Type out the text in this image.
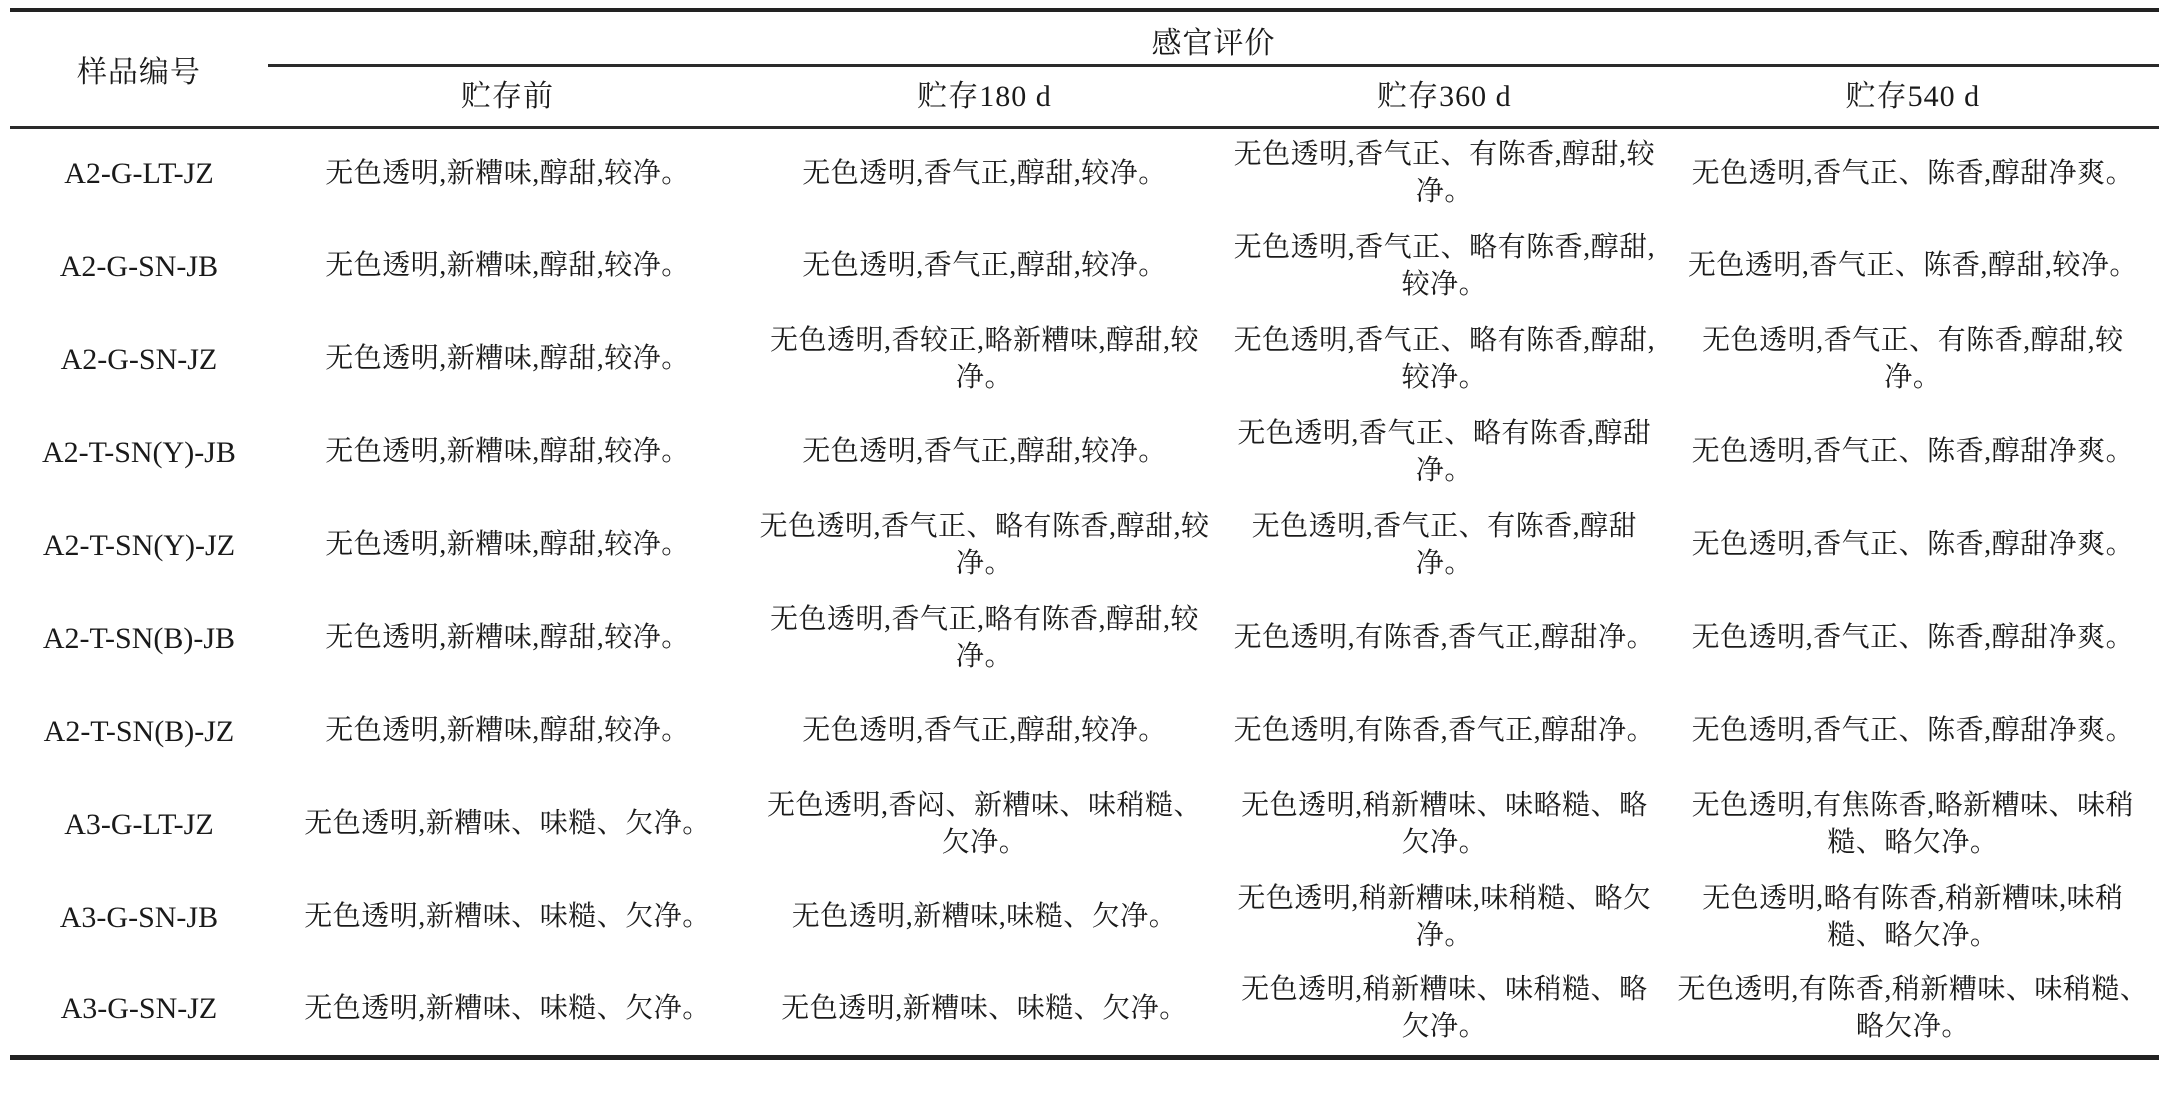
样品编号	感官评价			
	贮存前	贮存180 d	贮存360 d	贮存540 d
A2-G-LT-JZ	无色透明,新糟味,醇甜,较净。	无色透明,香气正,醇甜,较净。	无色透明,香气正、有陈香,醇甜,较净。	无色透明,香气正、陈香,醇甜净爽。
A2-G-SN-JB	无色透明,新糟味,醇甜,较净。	无色透明,香气正,醇甜,较净。	无色透明,香气正、略有陈香,醇甜,较净。	无色透明,香气正、陈香,醇甜,较净。
A2-G-SN-JZ	无色透明,新糟味,醇甜,较净。	无色透明,香较正,略新糟味,醇甜,较净。	无色透明,香气正、略有陈香,醇甜,较净。	无色透明,香气正、有陈香,醇甜,较净。
A2-T-SN(Y)-JB	无色透明,新糟味,醇甜,较净。	无色透明,香气正,醇甜,较净。	无色透明,香气正、略有陈香,醇甜净。	无色透明,香气正、陈香,醇甜净爽。
A2-T-SN(Y)-JZ	无色透明,新糟味,醇甜,较净。	无色透明,香气正、略有陈香,醇甜,较净。	无色透明,香气正、有陈香,醇甜净。	无色透明,香气正、陈香,醇甜净爽。
A2-T-SN(B)-JB	无色透明,新糟味,醇甜,较净。	无色透明,香气正,略有陈香,醇甜,较净。	无色透明,有陈香,香气正,醇甜净。	无色透明,香气正、陈香,醇甜净爽。
A2-T-SN(B)-JZ	无色透明,新糟味,醇甜,较净。	无色透明,香气正,醇甜,较净。	无色透明,有陈香,香气正,醇甜净。	无色透明,香气正、陈香,醇甜净爽。
A3-G-LT-JZ	无色透明,新糟味、味糙、欠净。	无色透明,香闷、新糟味、味稍糙、欠净。	无色透明,稍新糟味、味略糙、略欠净。	无色透明,有焦陈香,略新糟味、味稍糙、略欠净。
A3-G-SN-JB	无色透明,新糟味、味糙、欠净。	无色透明,新糟味,味糙、欠净。	无色透明,稍新糟味,味稍糙、略欠净。	无色透明,略有陈香,稍新糟味,味稍糙、略欠净。
A3-G-SN-JZ	无色透明,新糟味、味糙、欠净。	无色透明,新糟味、味糙、欠净。	无色透明,稍新糟味、味稍糙、略欠净。	无色透明,有陈香,稍新糟味、味稍糙、略欠净。
